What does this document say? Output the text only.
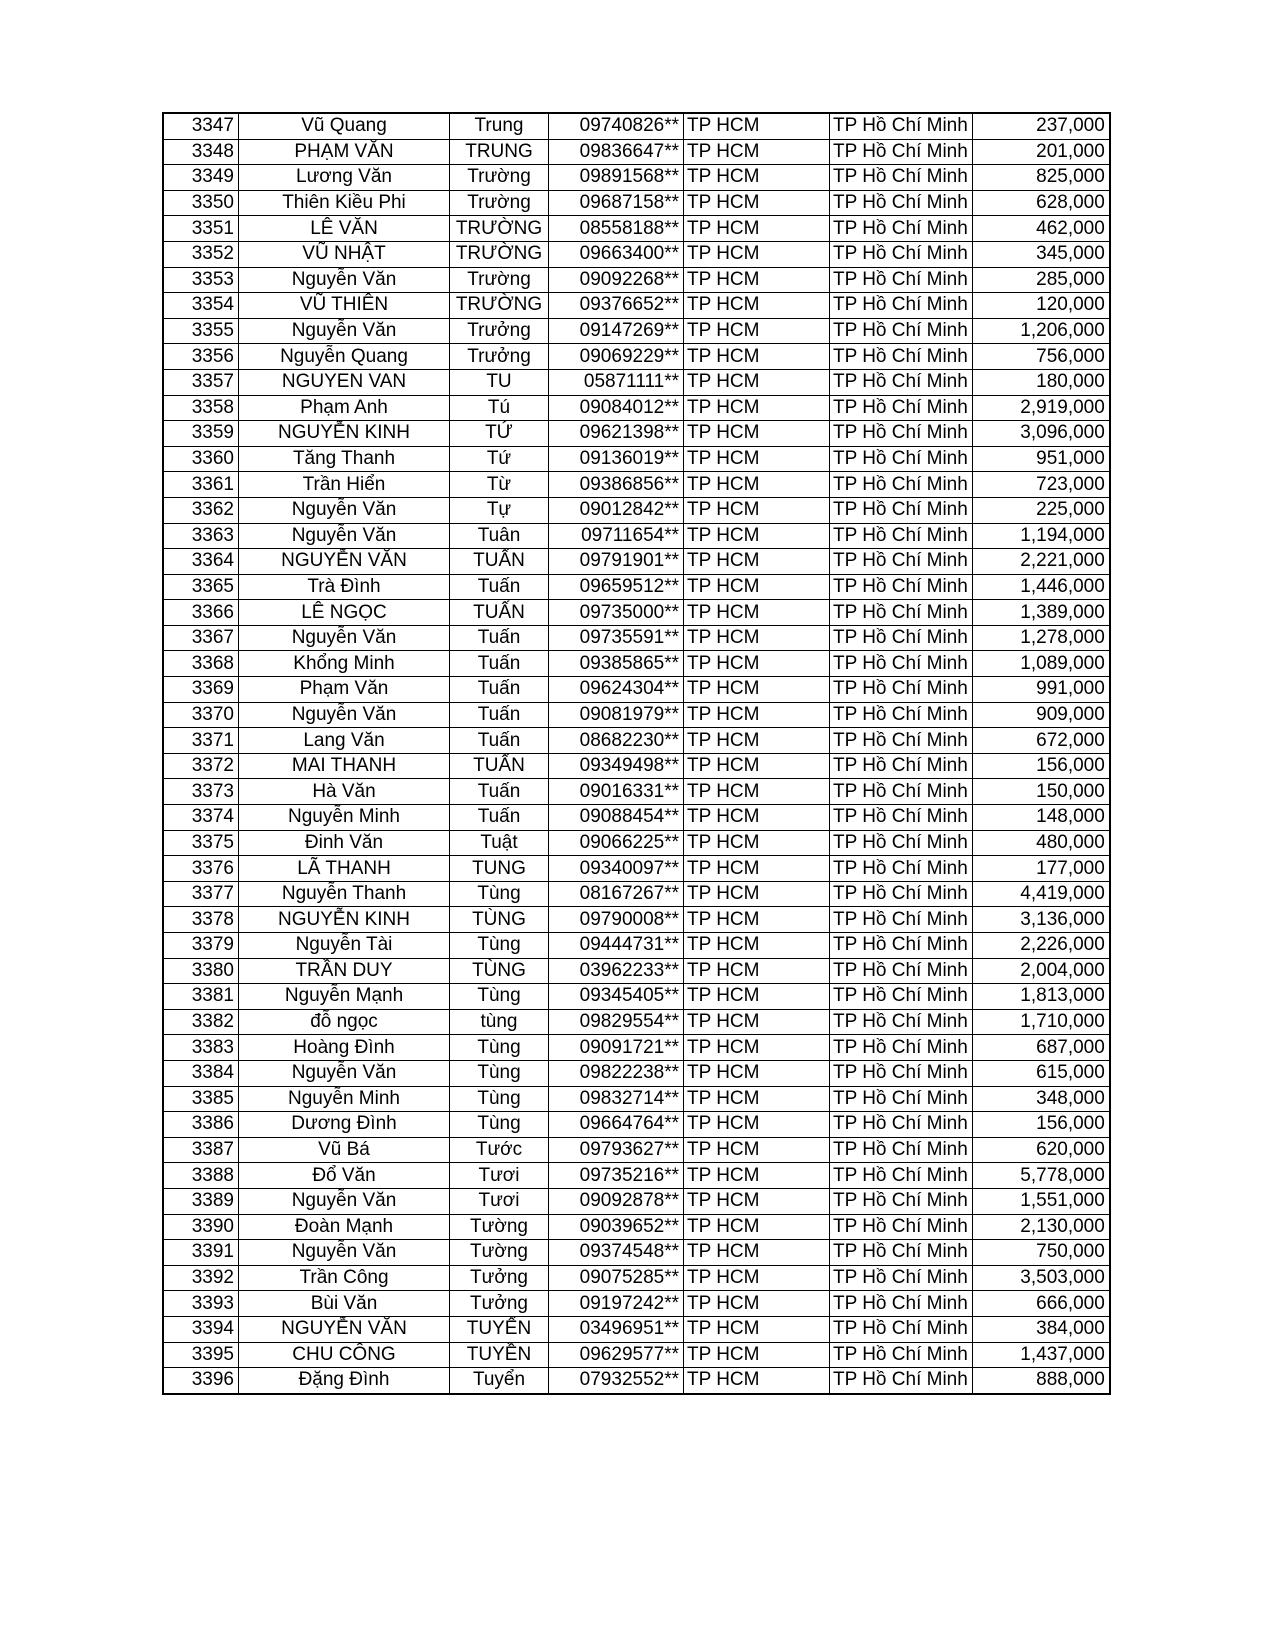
3347	Vũ Quang	Trung	09740826**	TP HCM	TP Hồ Chí Minh	237,000
3348	PHẠM VĂN	TRUNG	09836647**	TP HCM	TP Hồ Chí Minh	201,000
3349	Lương Văn	Trường	09891568**	TP HCM	TP Hồ Chí Minh	825,000
3350	Thiên Kiều Phi	Trường	09687158**	TP HCM	TP Hồ Chí Minh	628,000
3351	LÊ VĂN	TRƯỜNG	08558188**	TP HCM	TP Hồ Chí Minh	462,000
3352	VŨ NHẬT	TRƯỜNG	09663400**	TP HCM	TP Hồ Chí Minh	345,000
3353	Nguyễn Văn	Trường	09092268**	TP HCM	TP Hồ Chí Minh	285,000
3354	VŨ THIÊN	TRƯỜNG	09376652**	TP HCM	TP Hồ Chí Minh	120,000
3355	Nguyễn Văn	Trưởng	09147269**	TP HCM	TP Hồ Chí Minh	1,206,000
3356	Nguyễn Quang	Trưởng	09069229**	TP HCM	TP Hồ Chí Minh	756,000
3357	NGUYEN VAN	TU	05871111**	TP HCM	TP Hồ Chí Minh	180,000
3358	Phạm Anh	Tú	09084012**	TP HCM	TP Hồ Chí Minh	2,919,000
3359	NGUYỄN KINH	TỨ	09621398**	TP HCM	TP Hồ Chí Minh	3,096,000
3360	Tăng Thanh	Tứ	09136019**	TP HCM	TP Hồ Chí Minh	951,000
3361	Trần Hiển	Từ	09386856**	TP HCM	TP Hồ Chí Minh	723,000
3362	Nguyễn Văn	Tự	09012842**	TP HCM	TP Hồ Chí Minh	225,000
3363	Nguyễn Văn	Tuân	09711654**	TP HCM	TP Hồ Chí Minh	1,194,000
3364	NGUYỄN VĂN	TUẤN	09791901**	TP HCM	TP Hồ Chí Minh	2,221,000
3365	Trà Đình	Tuấn	09659512**	TP HCM	TP Hồ Chí Minh	1,446,000
3366	LÊ NGỌC	TUẤN	09735000**	TP HCM	TP Hồ Chí Minh	1,389,000
3367	Nguyễn Văn	Tuấn	09735591**	TP HCM	TP Hồ Chí Minh	1,278,000
3368	Khổng Minh	Tuấn	09385865**	TP HCM	TP Hồ Chí Minh	1,089,000
3369	Phạm Văn	Tuấn	09624304**	TP HCM	TP Hồ Chí Minh	991,000
3370	Nguyễn Văn	Tuấn	09081979**	TP HCM	TP Hồ Chí Minh	909,000
3371	Lang Văn	Tuấn	08682230**	TP HCM	TP Hồ Chí Minh	672,000
3372	MAI THANH	TUẤN	09349498**	TP HCM	TP Hồ Chí Minh	156,000
3373	Hà Văn	Tuấn	09016331**	TP HCM	TP Hồ Chí Minh	150,000
3374	Nguyễn Minh	Tuấn	09088454**	TP HCM	TP Hồ Chí Minh	148,000
3375	Đinh Văn	Tuật	09066225**	TP HCM	TP Hồ Chí Minh	480,000
3376	LÃ THANH	TUNG	09340097**	TP HCM	TP Hồ Chí Minh	177,000
3377	Nguyễn Thanh	Tùng	08167267**	TP HCM	TP Hồ Chí Minh	4,419,000
3378	NGUYỄN KINH	TÙNG	09790008**	TP HCM	TP Hồ Chí Minh	3,136,000
3379	Nguyễn Tài	Tùng	09444731**	TP HCM	TP Hồ Chí Minh	2,226,000
3380	TRẦN DUY	TÙNG	03962233**	TP HCM	TP Hồ Chí Minh	2,004,000
3381	Nguyễn Mạnh	Tùng	09345405**	TP HCM	TP Hồ Chí Minh	1,813,000
3382	đỗ ngọc	tùng	09829554**	TP HCM	TP Hồ Chí Minh	1,710,000
3383	Hoàng Đình	Tùng	09091721**	TP HCM	TP Hồ Chí Minh	687,000
3384	Nguyễn Văn	Tùng	09822238**	TP HCM	TP Hồ Chí Minh	615,000
3385	Nguyễn Minh	Tùng	09832714**	TP HCM	TP Hồ Chí Minh	348,000
3386	Dương Đình	Tùng	09664764**	TP HCM	TP Hồ Chí Minh	156,000
3387	Vũ Bá	Tước	09793627**	TP HCM	TP Hồ Chí Minh	620,000
3388	Đổ Văn	Tươi	09735216**	TP HCM	TP Hồ Chí Minh	5,778,000
3389	Nguyễn Văn	Tươi	09092878**	TP HCM	TP Hồ Chí Minh	1,551,000
3390	Đoàn Mạnh	Tường	09039652**	TP HCM	TP Hồ Chí Minh	2,130,000
3391	Nguyễn Văn	Tường	09374548**	TP HCM	TP Hồ Chí Minh	750,000
3392	Trần Công	Tưởng	09075285**	TP HCM	TP Hồ Chí Minh	3,503,000
3393	Bùi Văn	Tưởng	09197242**	TP HCM	TP Hồ Chí Minh	666,000
3394	NGUYỄN VĂN	TUYẾN	03496951**	TP HCM	TP Hồ Chí Minh	384,000
3395	CHU CÔNG	TUYỀN	09629577**	TP HCM	TP Hồ Chí Minh	1,437,000
3396	Đặng Đình	Tuyển	07932552**	TP HCM	TP Hồ Chí Minh	888,000
